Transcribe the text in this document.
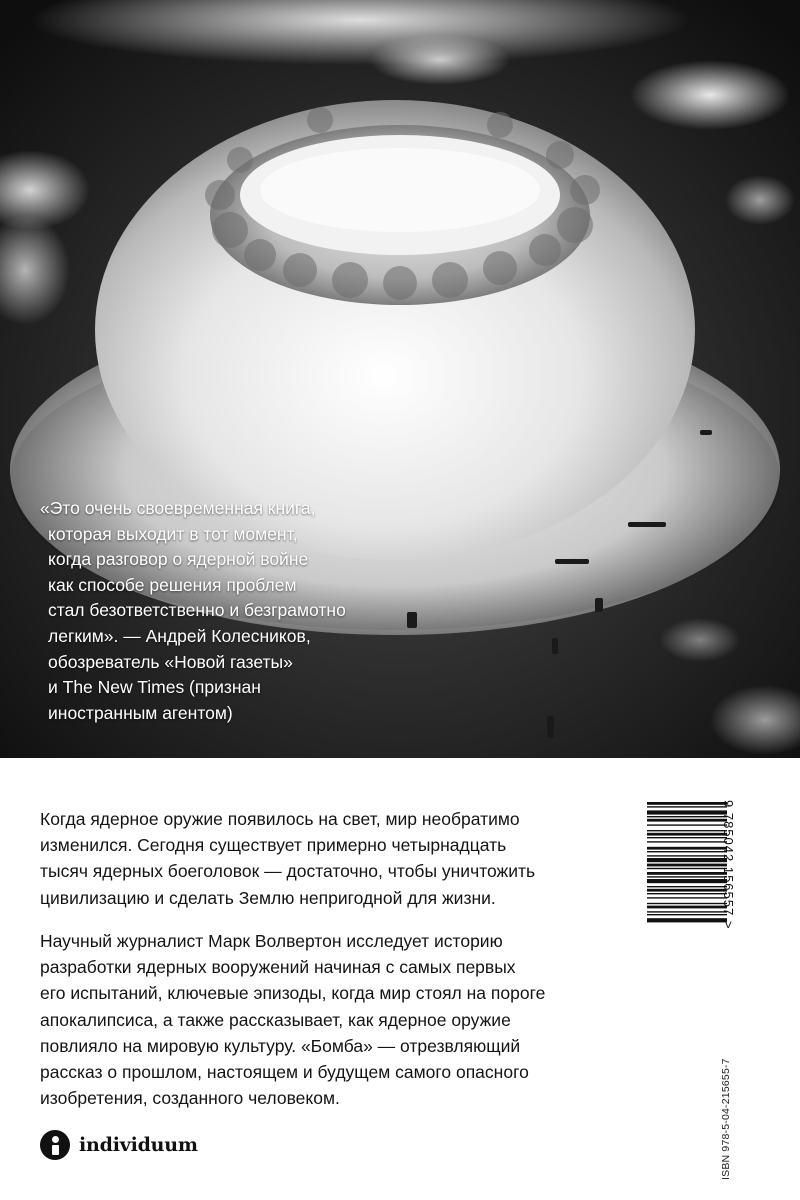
«Это очень своевременная книга,
которая выходит в тот момент,
когда разговор о ядерной войне
как способе решения проблем
стал безответственно и безграмотно
легким». — Андрей Колесников,
обозреватель «Новой газеты»
и The New Times (признан
иностранным агентом)

Когда ядерное оружие появилось на свет, мир необратимо
изменился. Сегодня существует примерно четырнадцать
тысяч ядерных боеголовок — достаточно, чтобы уничтожить
цивилизацию и сделать Землю непригодной для жизни.

Научный журналист Марк Волвертон исследует историю
разработки ядерных вооружений начиная с самых первых
его испытаний, ключевые эпизоды, когда мир стоял на пороге
апокалипсиса, а также рассказывает, как ядерное оружие
повлияло на мировую культуру. «Бомба» — отрезвляющий
рассказ о прошлом, настоящем и будущем самого опасного
изобретения, созданного человеком.

individuum
9 785042 156557 >
ISBN 978-5-04-215655-7
